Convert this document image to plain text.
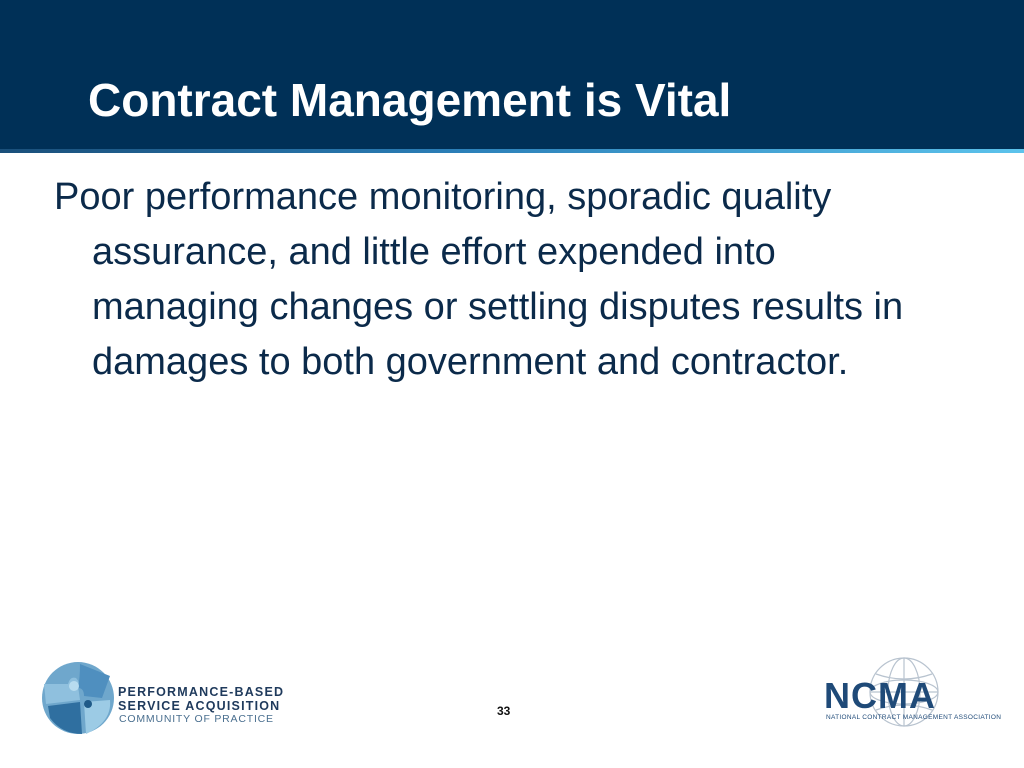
Contract Management is Vital

Poor performance monitoring, sporadic quality assurance, and little effort expended into managing changes or settling disputes results in damages to both government and contractor.

PERFORMANCE-BASED
SERVICE ACQUISITION
COMMUNITY OF PRACTICE
33	NCMA
NATIONAL CONTRACT MANAGEMENT ASSOCIATION
